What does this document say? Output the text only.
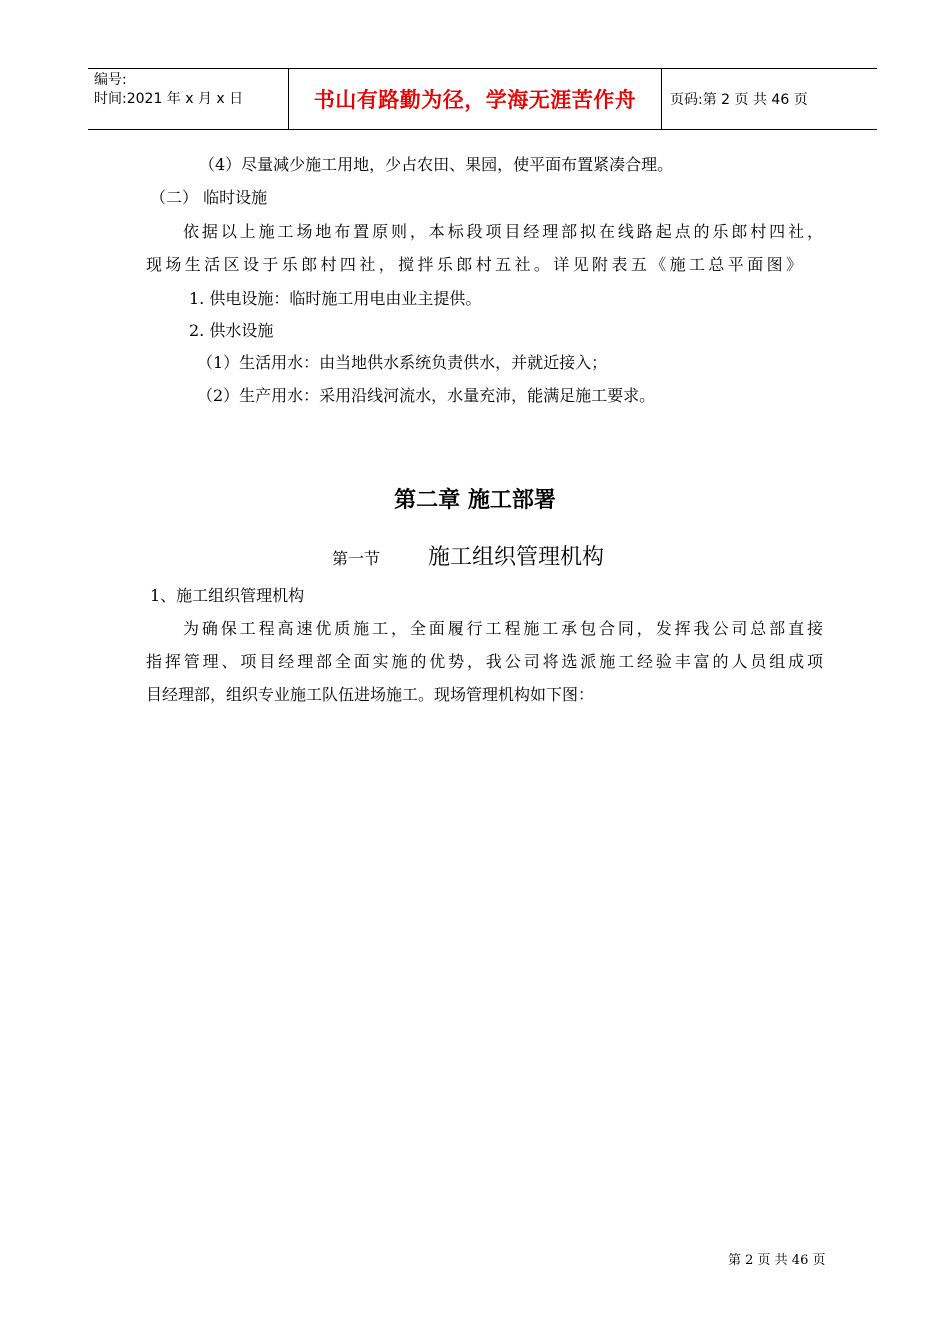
编号:
时间:2021 年 x 月 x 日	书山有路勤为径，学海无涯苦作舟	页码:第 2 页 共 46 页
（4）尽量减少施工用地，少占农田、果园，使平面布置紧凑合理。
（二） 临时设施
依据以上施工场地布置原则，本标段项目经理部拟在线路起点的乐郎村四社，
现场生活区设于乐郎村四社，搅拌乐郎村五社。详见附表五《施工总平面图》
1. 供电设施：临时施工用电由业主提供。
2. 供水设施
（1）生活用水：由当地供水系统负责供水，并就近接入；
（2）生产用水：采用沿线河流水，水量充沛，能满足施工要求。
第二章 施工部署
第一节 施工组织管理机构
1、施工组织管理机构
为确保工程高速优质施工，全面履行工程施工承包合同，发挥我公司总部直接
指挥管理、项目经理部全面实施的优势，我公司将选派施工经验丰富的人员组成项
目经理部，组织专业施工队伍进场施工。现场管理机构如下图：
第 2 页 共 46 页
